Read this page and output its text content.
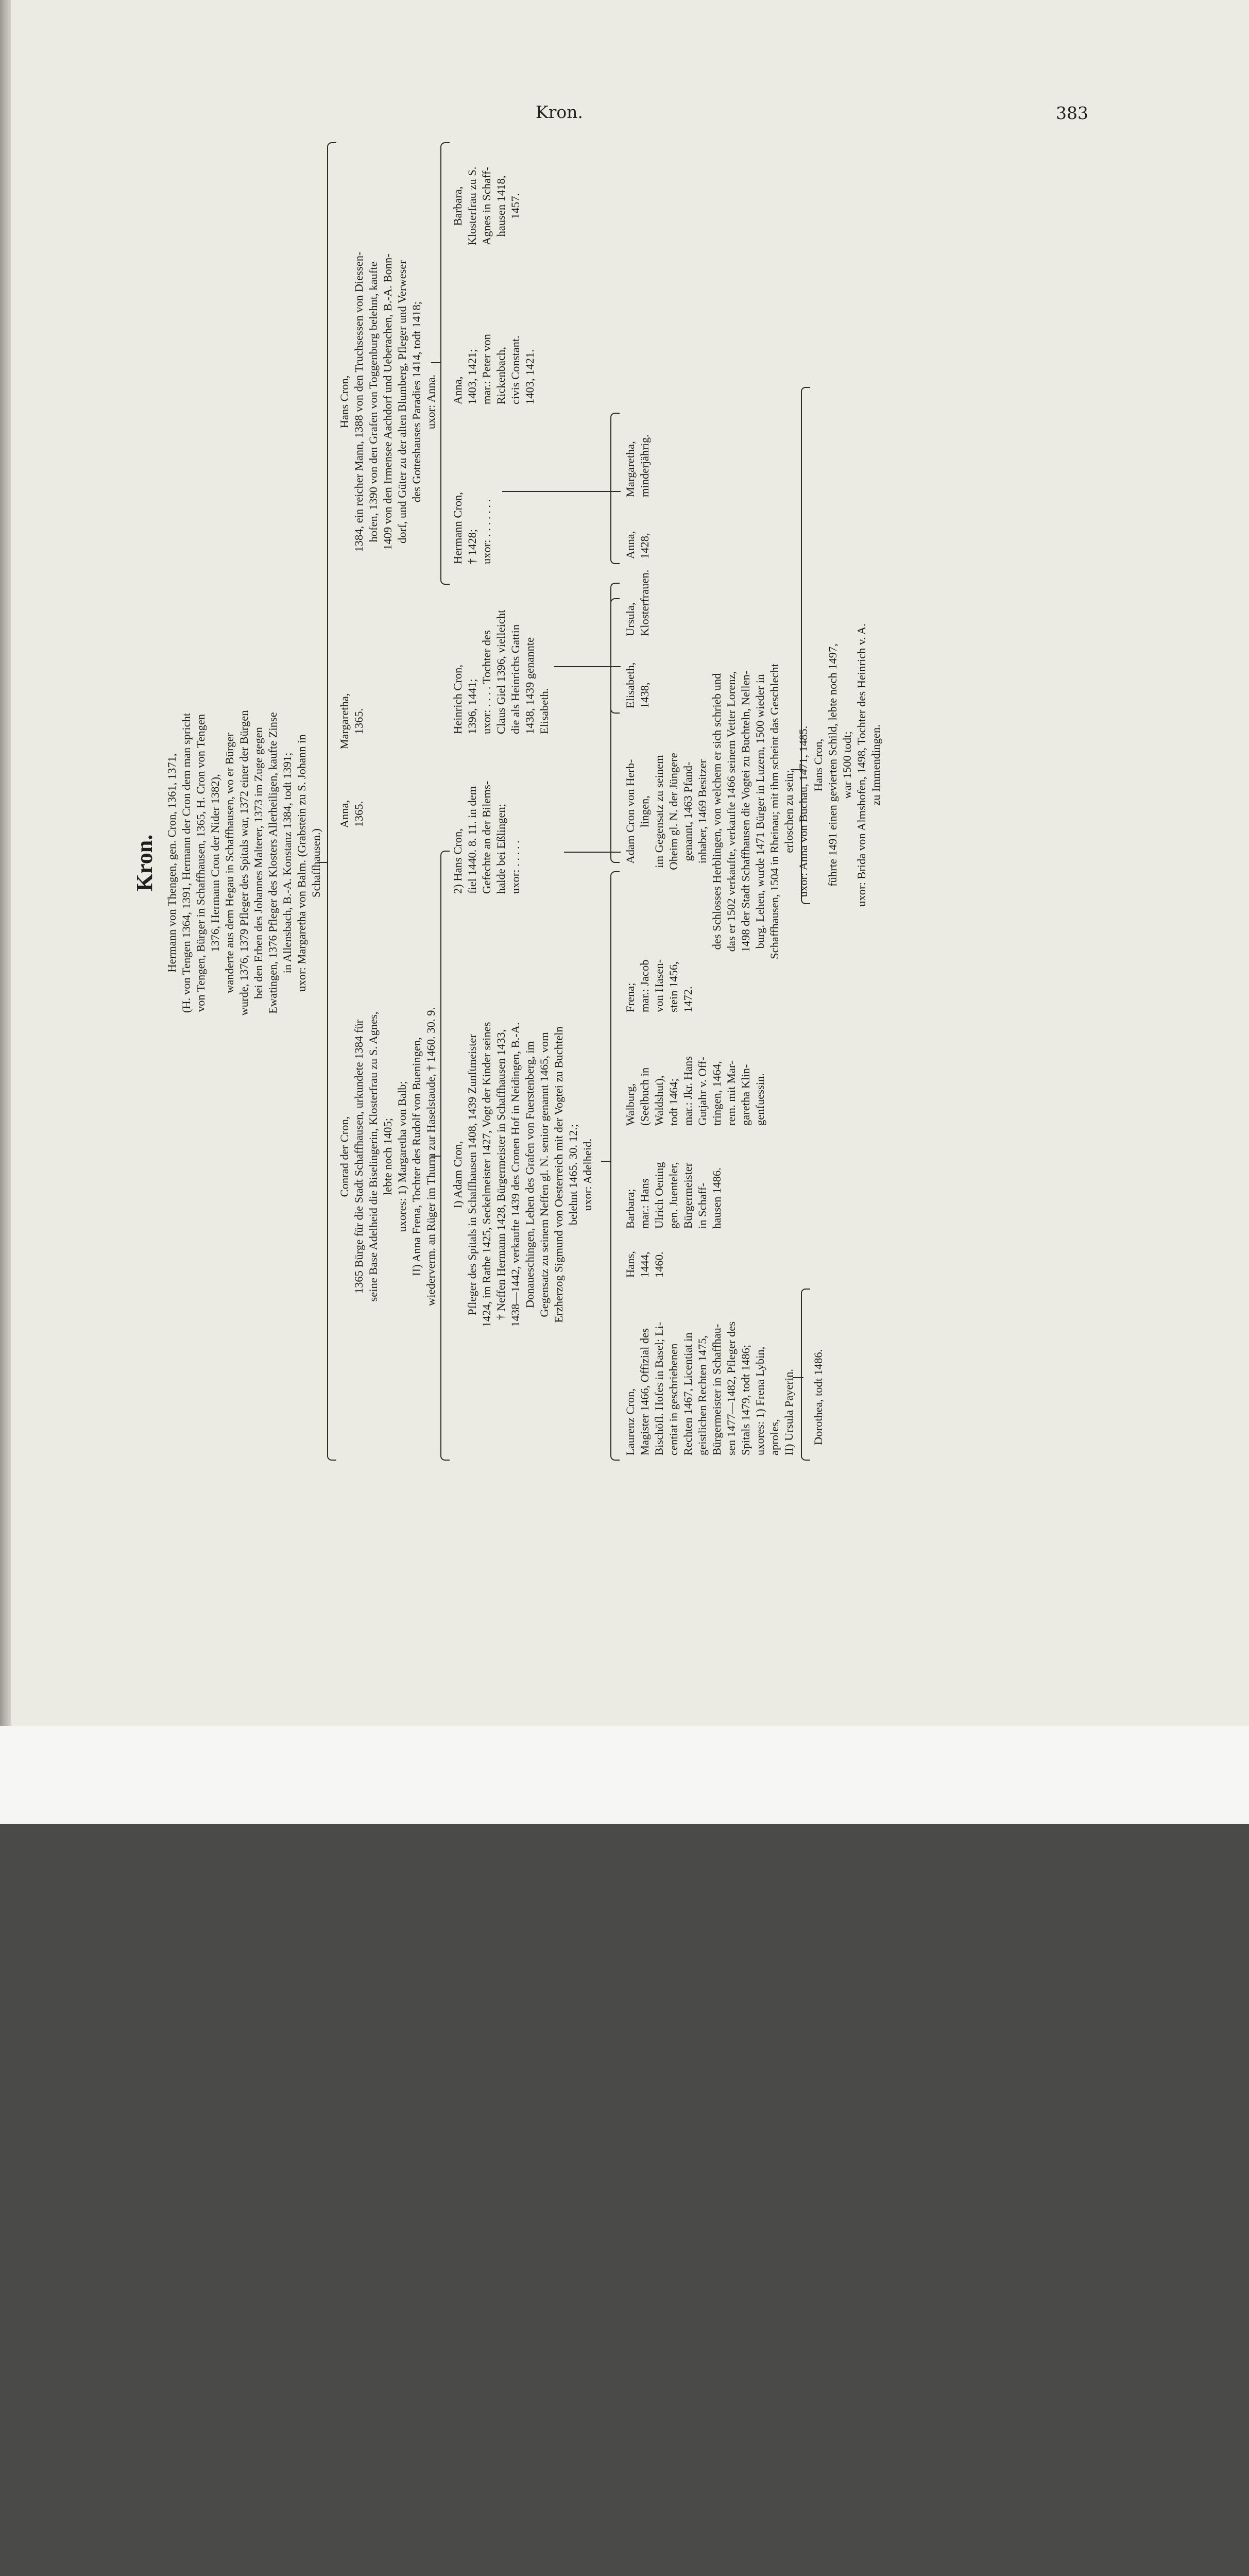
Kron.	383
Kron. Hermann von Thengen, gen. Cron, 1361, 1371, (H. von Tengen 1364, 1391, Hermann der Cron dem man spricht von Tengen, Bürger in Schaffhausen, 1365, H. Cron von Tengen 1376, Hermann Cron der Nider 1382), wanderte aus dem Hegau in Schaffhausen, wo er Bürger wurde, 1376, 1379 Pfleger des Spitals war, 1372 einer der Bürgen bei den Erben des Johannes Malterer, 1373 im Zuge gegen Ewatingen, 1376 Pfleger des Klosters Allerheiligen, kaufte Zinse in Allensbach, B.-A. Konstanz 1384, todt 1391; uxor: Margaretha von Balm. (Grabstein zu S. Johann in Schaffhausen.)
Conrad der Cron, 1365 Bürge für die Stadt Schaffhausen, urkundete 1384 für seine Base Adelheid die Biselingerin, Klosterfrau zu S. Agnes, lebte noch 1405; uxores: 1) Margaretha von Balb; II) Anna Frena, Tochter des Rudolf von Bueningen, wiederverm. an Rüger im Thurm zur Haselstaude, † 1460. 30. 9.
Anna, 1365.
Margaretha, 1365.
Hans Cron, 1384, ein reicher Mann, 1388 von den Truchsessen von Diessen- hofen, 1390 von den Grafen von Toggenburg belehnt, kaufte 1409 von den Irmensee Aachdorf und Ueberachen, B.-A. Bonn- dorf, und Güter zu der alten Blumberg, Pfleger und Verweser des Gotteshauses Paradies 1414, todt 1418; uxor: Anna.
I) Adam Cron, Pfleger des Spitals in Schaffhausen 1408, 1439 Zunftmeister 1424, im Rathe 1425, Seckelmeister 1427, Vogt der Kinder seines † Neffen Hermann 1428, Bürgermeister in Schaffhausen 1433, 1438—1442, verkaufte 1439 des Cronen Hof in Neidingen, B.-A. Donaueschingen, Lehen des Grafen von Fuerstenberg, im Gegensatz zu seinem Neffen gl. N. senior genannt 1465, vom Erzherzog Sigmund von Oesterreich mit der Vogtei zu Buchteln belehnt 1465. 30. 12.; uxor: Adelheid.
2) Hans Cron, fiel 1440. 8. 11. in dem Gefechte an der Bilems- halde bei Eßlingen; uxor: . . . . .
Heinrich Cron, 1396, 1441; uxor: . . . . Tochter des Claus Giel 1396, vielleicht die als Heinrichs Gattin 1438, 1439 genannte Elisabeth.
Hermann Cron, † 1428; uxor: . . . . . . .
Anna, 1403, 1421; mar.: Peter von Rickenbach, civis Constant. 1403, 1421.
Barbara, Klosterfrau zu S. Agnes in Schaff- hausen 1418, 1457.
Laurenz Cron, Magister 1466, Offizial des Bischöfl. Hofes in Basel; Li- centiat in geschriebenen Rechten 1467, Licentiat in geistlichen Rechten 1475, Bürgermeister in Schaffhau- sen 1477—1482, Pfleger des Spitals 1479, todt 1486; uxores: 1) Frena Lybin, aproles, II) Ursula Payerin.
Hans, 1444, 1460.
Barbara; mar.: Hans Ulrich Oening gen. Juenteler, Bürgermeister in Schaff- hausen 1486.
Walburg, (Seelbuch in Waldshut), todt 1464; mar.: Jkr. Hans Gutjahr v. Off- tringen, 1464, rem. mit Mar- garetha Klin- genfuessin.
Frena; mar.: Jacob von Hasen- stein 1456, 1472.
Adam Cron von Herb- lingen, im Gegensatz zu seinem Oheim gl. N. der Jüngere genannt, 1463 Pfand- inhaber, 1469 Besitzer des Schlosses Herblingen, von welchem er sich schrieb und das er 1502 verkaufte, verkaufte 1466 seinem Vetter Lorenz, 1498 der Stadt Schaffhausen die Vogtei zu Buchteln, Nellen- burg. Lehen, wurde 1471 Bürger in Luzern, 1500 wieder in Schaffhausen, 1504 in Rheinau; mit ihm scheint das Geschlecht erloschen zu sein; uxor: Anna von Buchau, 1471, 1485.
Elisabeth, 1438,
Ursula, Klosterfrauen.
Anna, 1428,
Margaretha, minderjährig.
Dorothea, todt 1486.
Hans Cron, führte 1491 einen gevierten Schild, lebte noch 1497, war 1500 todt; uxor: Brida von Almshofen, 1498, Tochter des Heinrich v. A. zu Immendingen.
